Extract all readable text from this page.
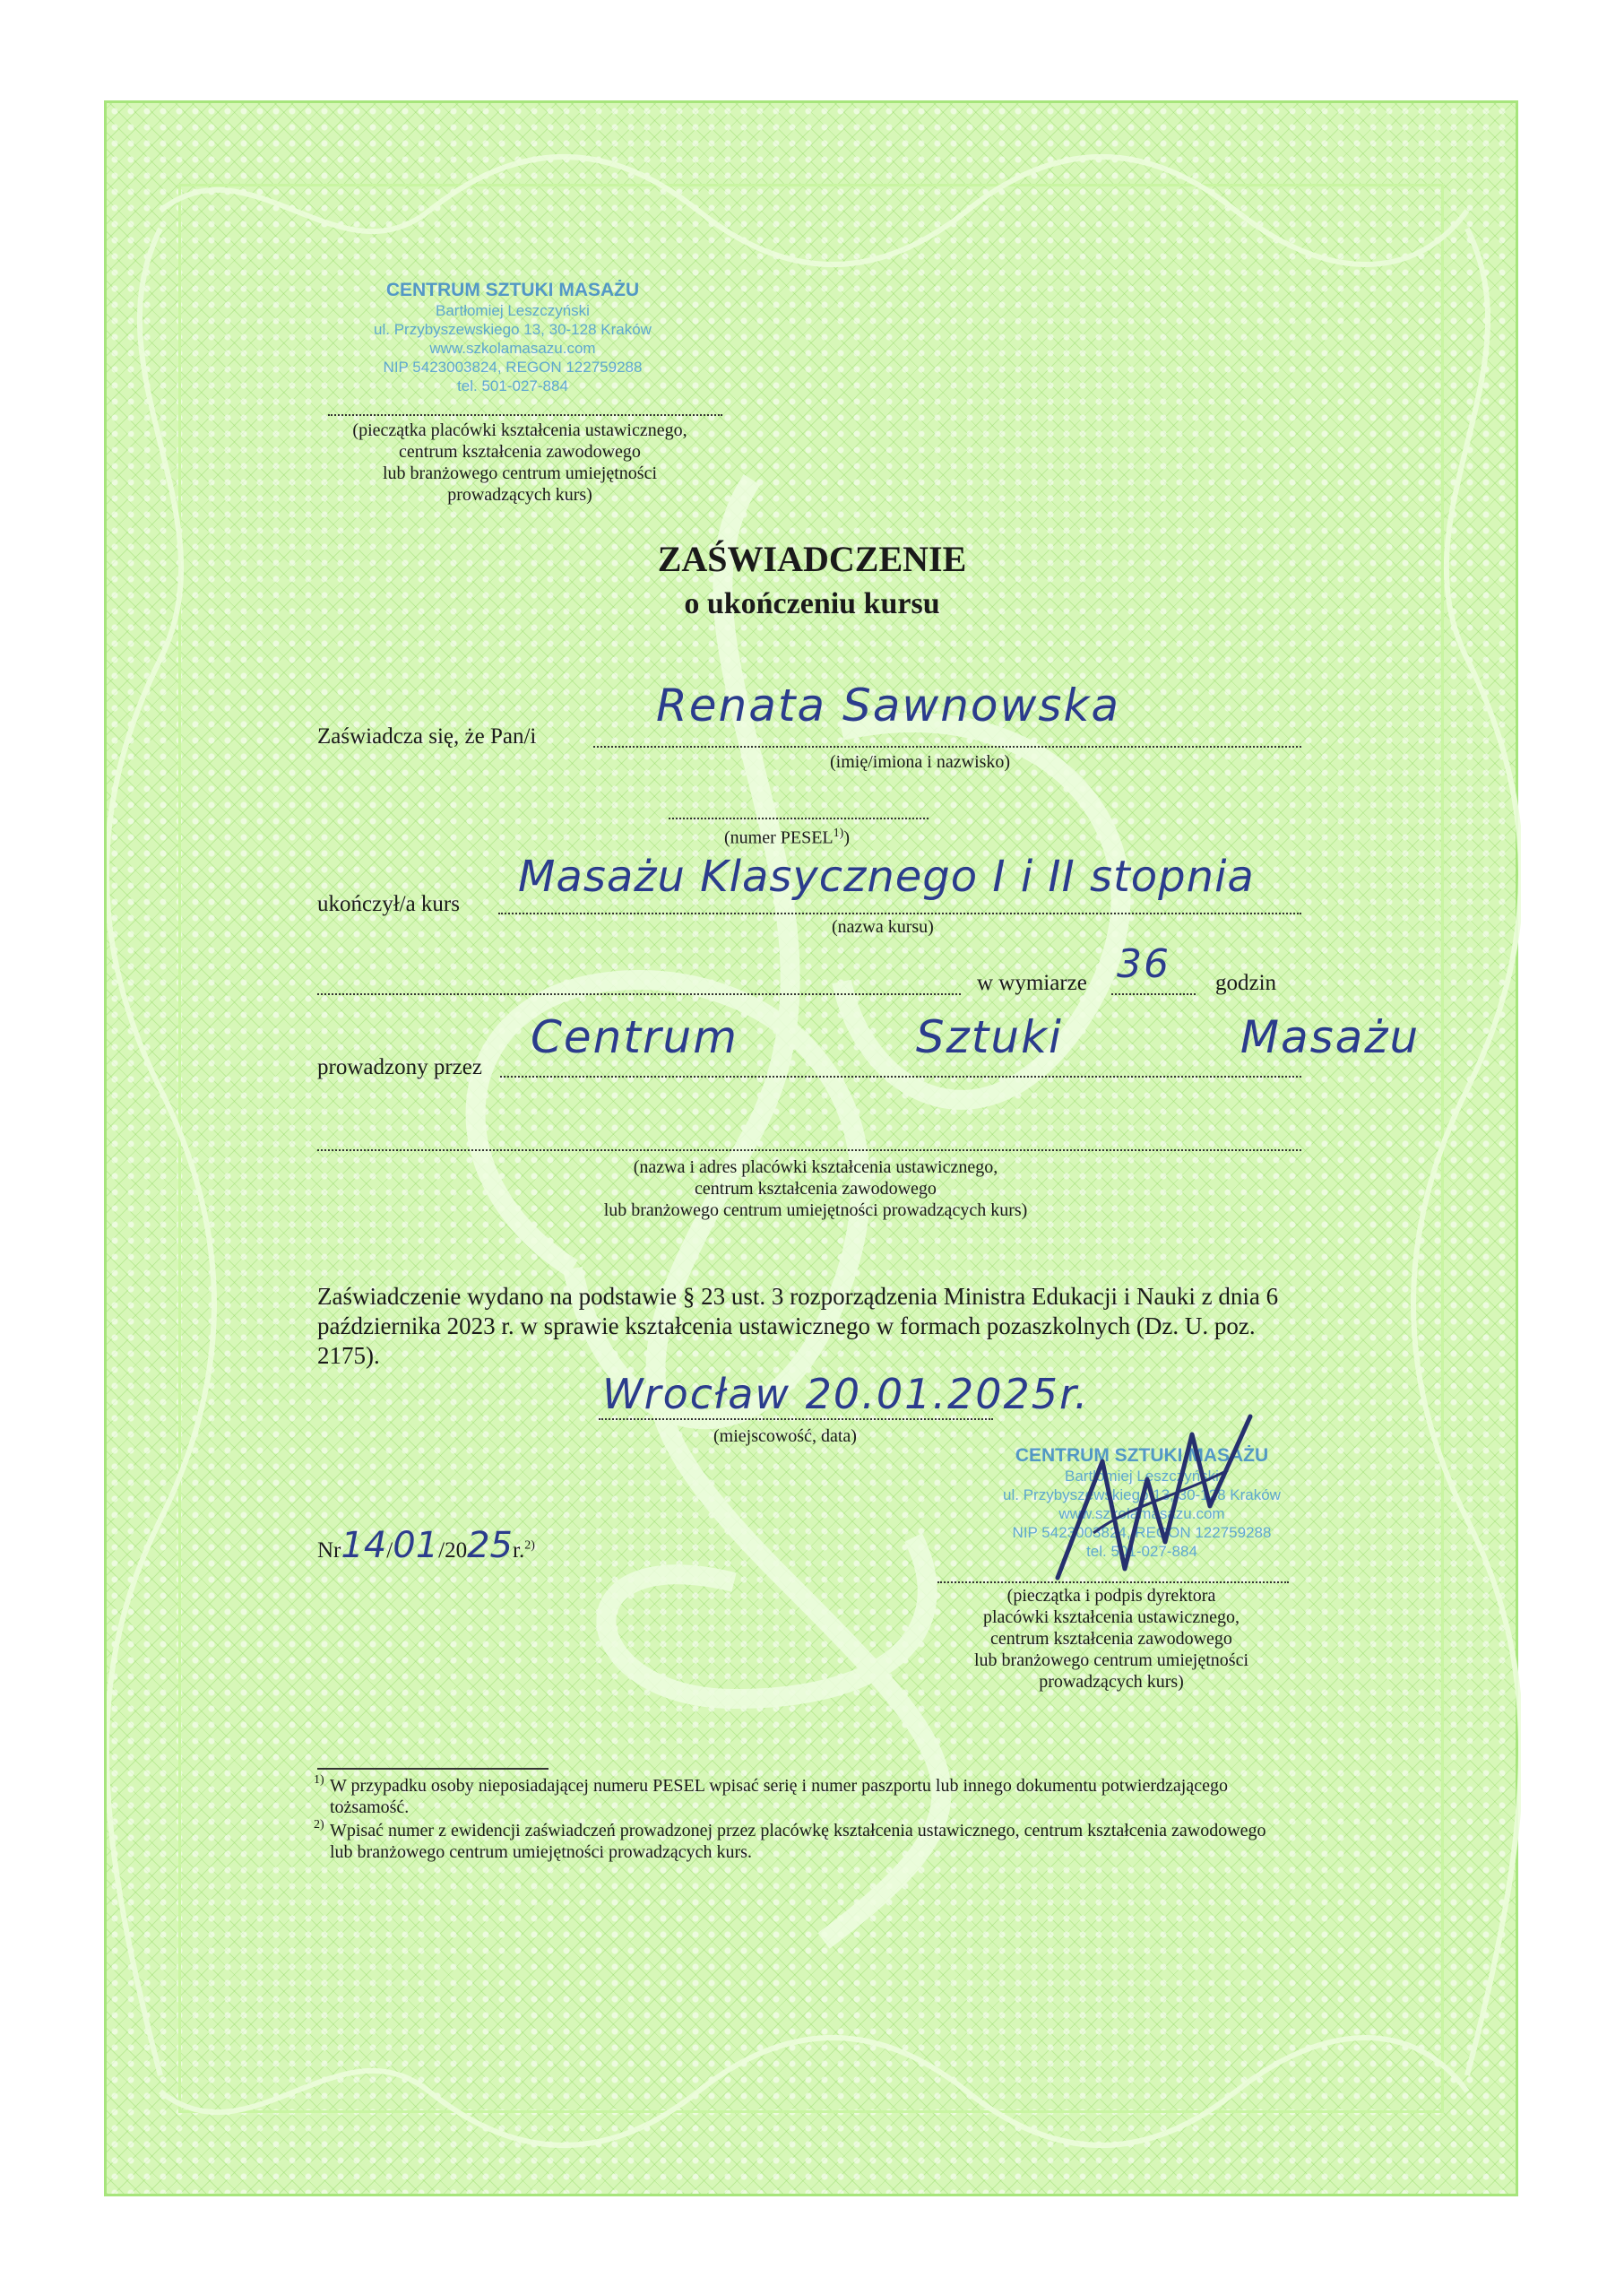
CENTRUM SZTUKI MASAŻU
Bartłomiej Leszczyński
ul. Przybyszewskiego 13, 30-128 Kraków
www.szkolamasazu.com
NIP 5423003824, REGON 122759288
tel. 501-027-884
(pieczątka placówki kształcenia ustawicznego,
centrum kształcenia zawodowego
lub branżowego centrum umiejętności
prowadzących kurs)
ZAŚWIADCZENIE
o ukończeniu kursu
Zaświadcza się, że Pan/i
Renata Sawnowska
(imię/imiona i nazwisko)
(numer PESEL$^{1)}$)
ukończył/a kurs
Masażu Klasycznego I i II stopnia
(nazwa kursu)
w wymiarze 36 godzin
prowadzony przez
Centrum Sztuki Masażu
(nazwa i adres placówki kształcenia ustawicznego,
centrum kształcenia zawodowego
lub branżowego centrum umiejętności prowadzących kurs)
Zaświadczenie wydano na podstawie § 23 ust. 3 rozporządzenia Ministra Edukacji i Nauki z dnia 6 października 2023 r. w sprawie kształcenia ustawicznego w formach pozaszkolnych (Dz. U. poz. 2175).
Wrocław 20.01.2025r.
(miejscowość, data)
Nr14/01/2025r.$^{2)}$
CENTRUM SZTUKI MASAŻU
Bartłomiej Leszczyński
ul. Przybyszewskiego 13, 30-128 Kraków
www.szkolamasazu.com
NIP 5423003824, REGON 122759288
tel. 501-027-884
(pieczątka i podpis dyrektora
placówki kształcenia ustawicznego,
centrum kształcenia zawodowego
lub branżowego centrum umiejętności
prowadzących kurs)
1) W przypadku osoby nieposiadającej numeru PESEL wpisać serię i numer paszportu lub innego dokumentu potwierdzającego tożsamość.
2) Wpisać numer z ewidencji zaświadczeń prowadzonej przez placówkę kształcenia ustawicznego, centrum kształcenia zawodowego lub branżowego centrum umiejętności prowadzących kurs.
